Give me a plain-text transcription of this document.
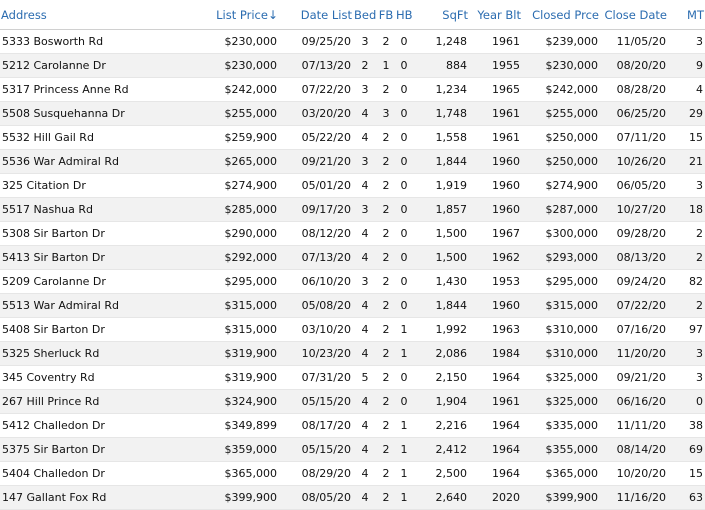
Address	List Price↓	Date List	Bed	FB	HB	SqFt	Year Blt	Closed Prce	Close Date	MT
5333 Bosworth Rd	$230,000	09/25/20	3	2	0	1,248	1961	$239,000	11/05/20	3
5212 Carolanne Dr	$230,000	07/13/20	2	1	0	884	1955	$230,000	08/20/20	9
5317 Princess Anne Rd	$242,000	07/22/20	3	2	0	1,234	1965	$242,000	08/28/20	4
5508 Susquehanna Dr	$255,000	03/20/20	4	3	0	1,748	1961	$255,000	06/25/20	29
5532 Hill Gail Rd	$259,900	05/22/20	4	2	0	1,558	1961	$250,000	07/11/20	15
5536 War Admiral Rd	$265,000	09/21/20	3	2	0	1,844	1960	$250,000	10/26/20	21
325 Citation Dr	$274,900	05/01/20	4	2	0	1,919	1960	$274,900	06/05/20	3
5517 Nashua Rd	$285,000	09/17/20	3	2	0	1,857	1960	$287,000	10/27/20	18
5308 Sir Barton Dr	$290,000	08/12/20	4	2	0	1,500	1967	$300,000	09/28/20	2
5413 Sir Barton Dr	$292,000	07/13/20	4	2	0	1,500	1962	$293,000	08/13/20	2
5209 Carolanne Dr	$295,000	06/10/20	3	2	0	1,430	1953	$295,000	09/24/20	82
5513 War Admiral Rd	$315,000	05/08/20	4	2	0	1,844	1960	$315,000	07/22/20	2
5408 Sir Barton Dr	$315,000	03/10/20	4	2	1	1,992	1963	$310,000	07/16/20	97
5325 Sherluck Rd	$319,900	10/23/20	4	2	1	2,086	1984	$310,000	11/20/20	3
345 Coventry Rd	$319,900	07/31/20	5	2	0	2,150	1964	$325,000	09/21/20	3
267 Hill Prince Rd	$324,900	05/15/20	4	2	0	1,904	1961	$325,000	06/16/20	0
5412 Challedon Dr	$349,899	08/17/20	4	2	1	2,216	1964	$335,000	11/11/20	38
5375 Sir Barton Dr	$359,000	05/15/20	4	2	1	2,412	1964	$355,000	08/14/20	69
5404 Challedon Dr	$365,000	08/29/20	4	2	1	2,500	1964	$365,000	10/20/20	15
147 Gallant Fox Rd	$399,900	08/05/20	4	2	1	2,640	2020	$399,900	11/16/20	63
